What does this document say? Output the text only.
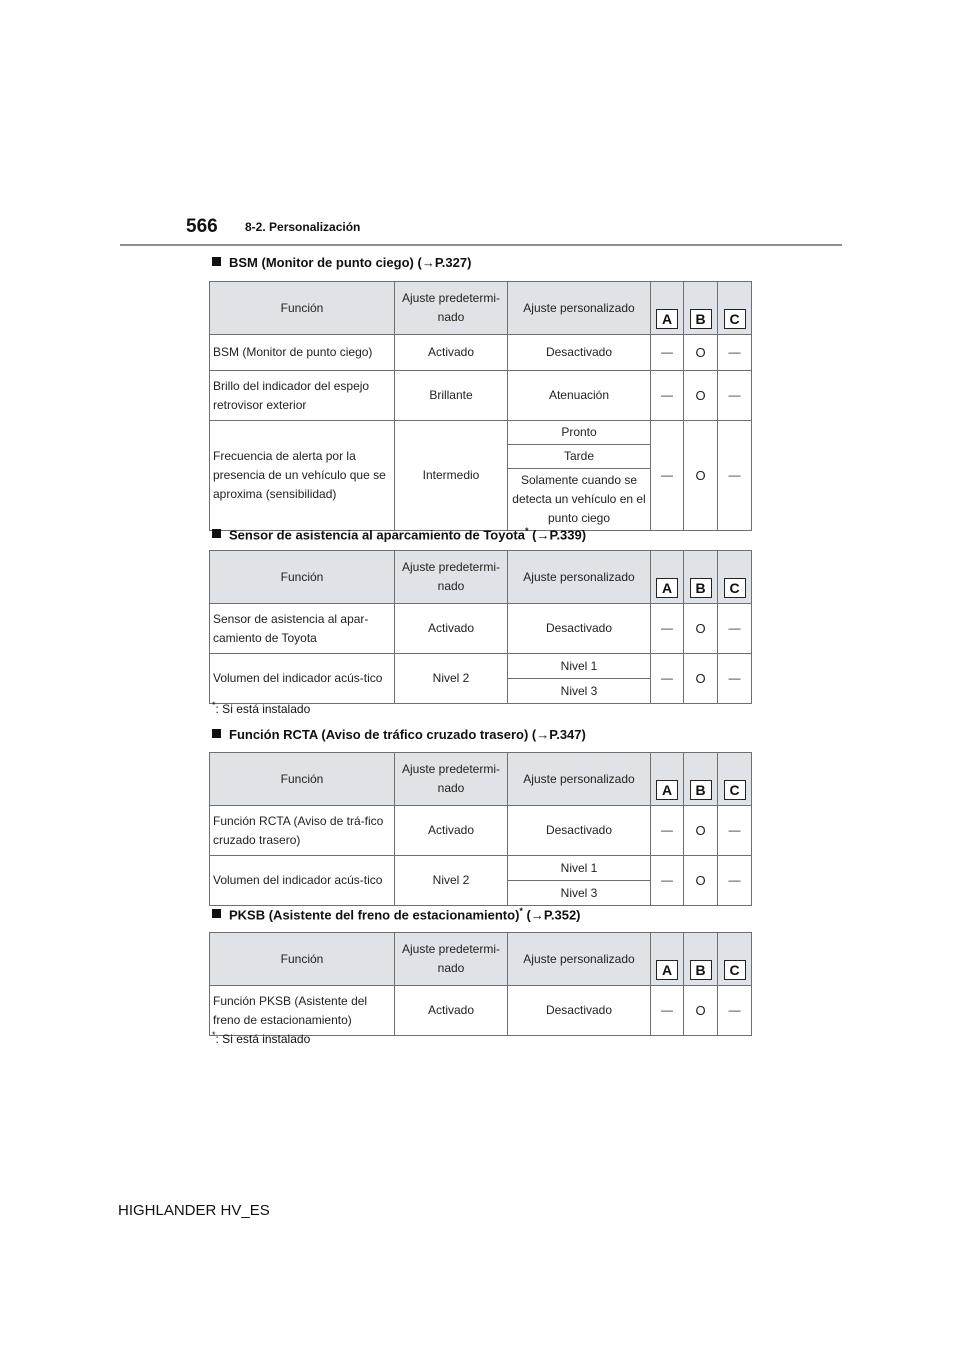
566 8-2. Personalización
BSM (Monitor de punto ciego) (→P.327)
Función	Ajuste predetermi-nado	Ajuste personalizado	A	B	C
BSM (Monitor de punto ciego)	Activado	Desactivado	—	O	—
Brillo del indicador del espejo retrovisor exterior	Brillante	Atenuación	—	O	—
Frecuencia de alerta por la presencia de un vehículo que se aproxima (sensibilidad)	Intermedio	Pronto	—	O	—
		Tarde			
		Solamente cuando se detecta un vehículo en el punto ciego			
Sensor de asistencia al aparcamiento de Toyota* (→P.339)
Función	Ajuste predetermi-nado	Ajuste personalizado	A	B	C
Sensor de asistencia al apar-camiento de Toyota	Activado	Desactivado	—	O	—
Volumen del indicador acús-tico	Nivel 2	Nivel 1	—	O	—
		Nivel 3			
*: Si está instalado
Función RCTA (Aviso de tráfico cruzado trasero) (→P.347)
Función	Ajuste predetermi-nado	Ajuste personalizado	A	B	C
Función RCTA (Aviso de trá-fico cruzado trasero)	Activado	Desactivado	—	O	—
Volumen del indicador acús-tico	Nivel 2	Nivel 1	—	O	—
		Nivel 3			
PKSB (Asistente del freno de estacionamiento)* (→P.352)
Función	Ajuste predetermi-nado	Ajuste personalizado	A	B	C
Función PKSB (Asistente del freno de estacionamiento)	Activado	Desactivado	—	O	—
*: Si está instalado
HIGHLANDER HV_ES
